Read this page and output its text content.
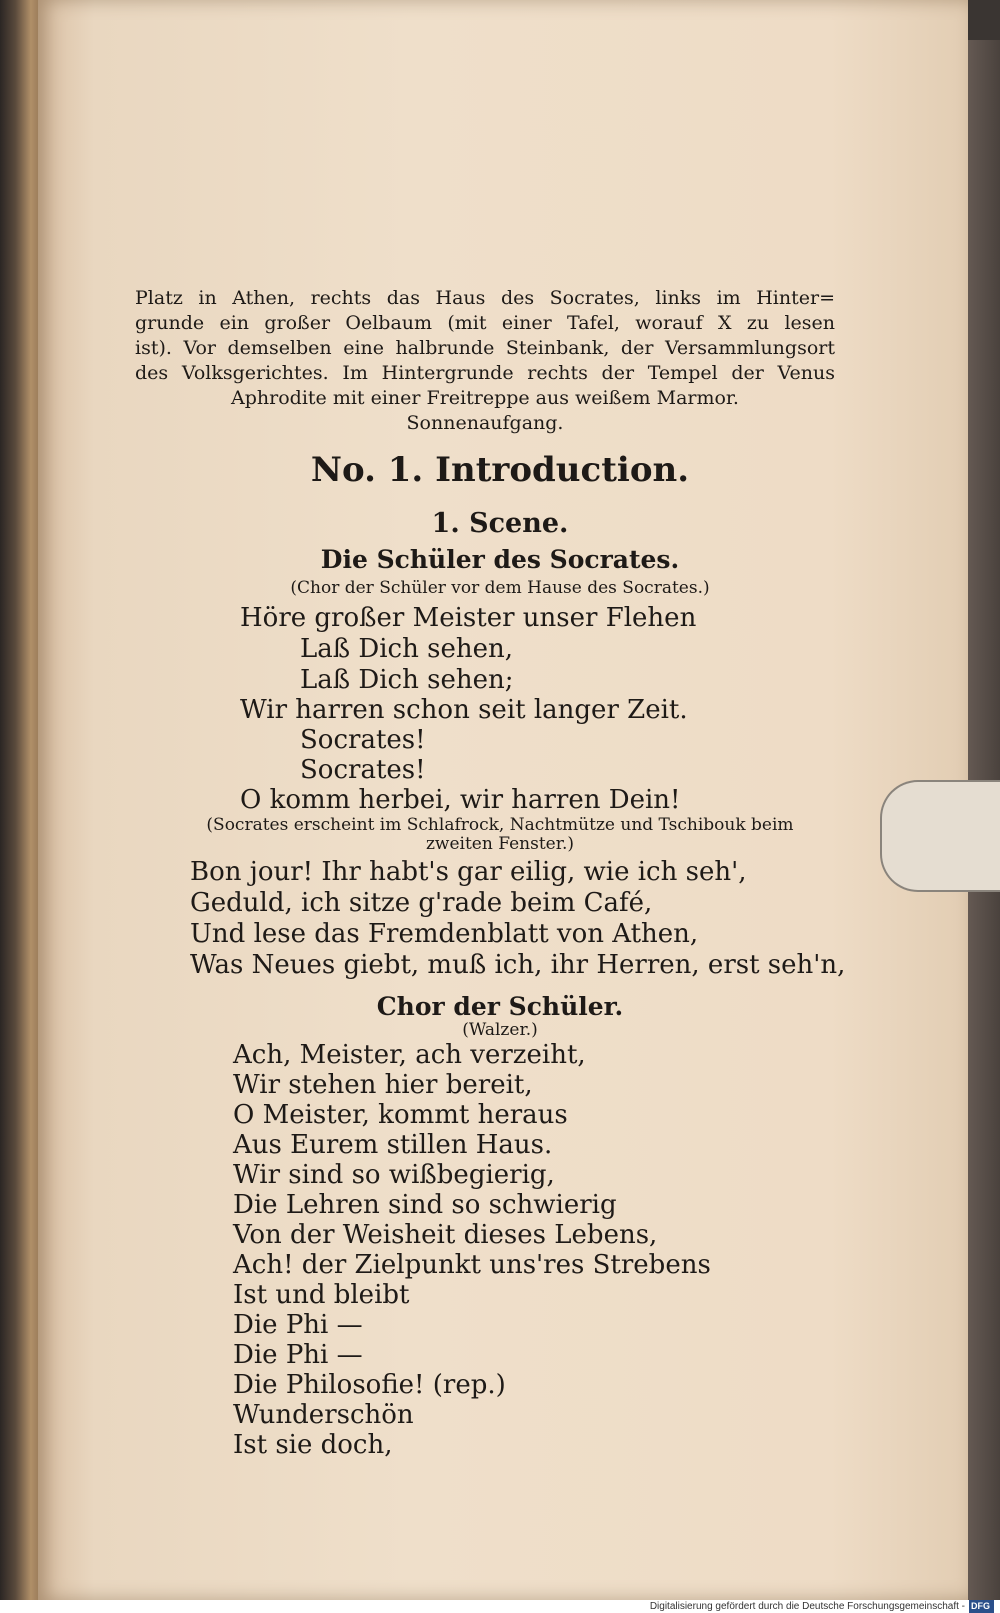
Platz in Athen, rechts das Haus des Socrates, links im Hinter=
grunde ein großer Oelbaum (mit einer Tafel, worauf X zu lesen
ist). Vor demselben eine halbrunde Steinbank, der Versammlungsort
des Volksgerichtes. Im Hintergrunde rechts der Tempel der Venus
Aphrodite mit einer Freitreppe aus weißem Marmor.
Sonnenaufgang.
No. 1. Introduction.
1. Scene.
Die Schüler des Socrates.
(Chor der Schüler vor dem Hause des Socrates.)
Höre großer Meister unser Flehen
Laß Dich sehen,
Laß Dich sehen;
Wir harren schon seit langer Zeit.
Socrates!
Socrates!
O komm herbei, wir harren Dein!
(Socrates erscheint im Schlafrock, Nachtmütze und Tschibouk beim
zweiten Fenster.)
Bon jour! Ihr habt's gar eilig, wie ich seh',
Geduld, ich sitze g'rade beim Café,
Und lese das Fremdenblatt von Athen,
Was Neues giebt, muß ich, ihr Herren, erst seh'n,
Chor der Schüler.
(Walzer.)
Ach, Meister, ach verzeiht,
Wir stehen hier bereit,
O Meister, kommt heraus
Aus Eurem stillen Haus.
Wir sind so wißbegierig,
Die Lehren sind so schwierig
Von der Weisheit dieses Lebens,
Ach! der Zielpunkt uns'res Strebens
Ist und bleibt
Die Phi —
Die Phi —
Die Philosofie! (rep.)
Wunderschön
Ist sie doch,
Digitalisierung gefördert durch die Deutsche Forschungsgemeinschaft - DFG
